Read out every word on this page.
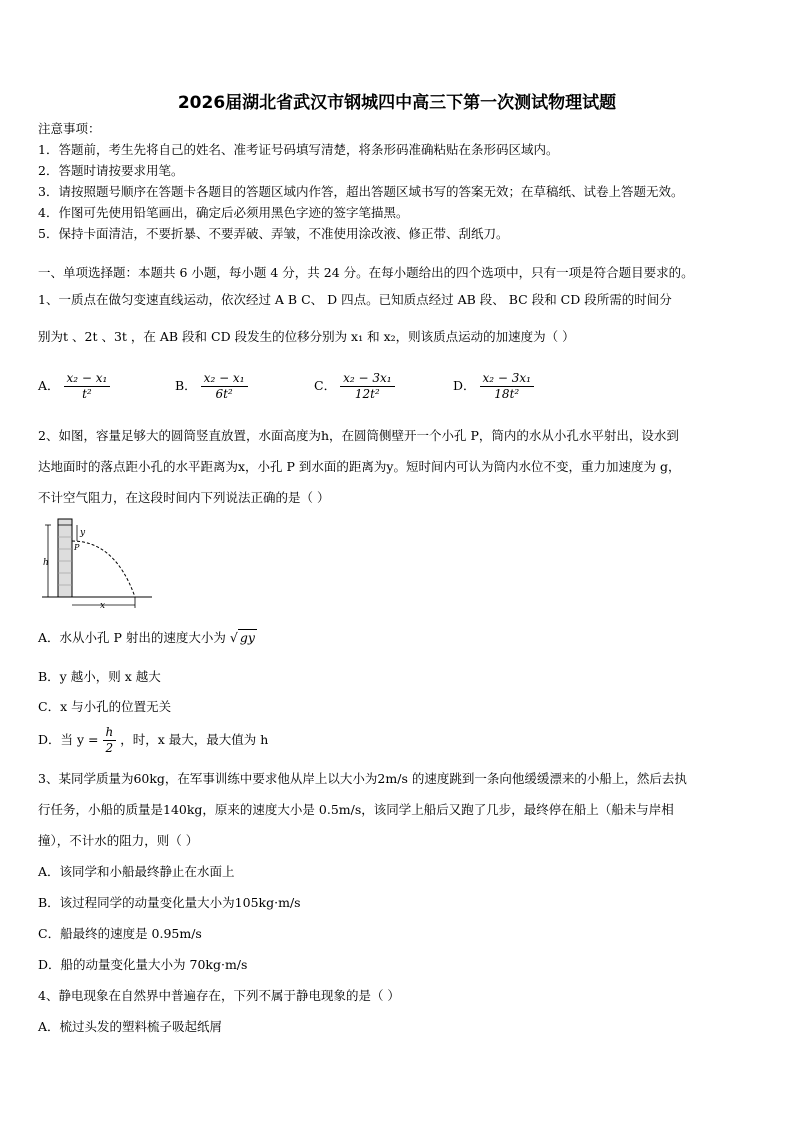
2026届湖北省武汉市钢城四中高三下第一次测试物理试题
注意事项：
1．答题前，考生先将自己的姓名、准考证号码填写清楚，将条形码准确粘贴在条形码区域内。
2．答题时请按要求用笔。
3．请按照题号顺序在答题卡各题目的答题区域内作答，超出答题区域书写的答案无效；在草稿纸、试卷上答题无效。
4．作图可先使用铅笔画出，确定后必须用黑色字迹的签字笔描黑。
5．保持卡面清洁，不要折暴、不要弄破、弄皱，不准使用涂改液、修正带、刮纸刀。
一、单项选择题：本题共 6 小题，每小题 4 分，共 24 分。在每小题给出的四个选项中，只有一项是符合题目要求的。
1、一质点在做匀变速直线运动，依次经过 A B C、 D 四点。已知质点经过 AB 段、 BC 段和 CD 段所需的时间分
别为t 、2t 、3t ，在 AB 段和 CD 段发生的位移分别为 x₁ 和 x₂，则该质点运动的加速度为（ ）
A． $\frac{\text{x₂ − x₁}}{\text{t²}}$	B． $\frac{\text{x₂ − x₁}}{\text{6t²}}$	C． $\frac{\text{x₂ − 3x₁}}{\text{12t²}}$	D． $\frac{\text{x₂ − 3x₁}}{\text{18t²}}$
2、如图，容量足够大的圆筒竖直放置，水面高度为h，在圆筒侧壁开一个小孔 P，筒内的水从小孔水平射出，设水到
达地面时的落点距小孔的水平距离为x，小孔 P 到水面的距离为y。短时间内可认为筒内水位不变，重力加速度为 g，
不计空气阻力，在这段时间内下列说法正确的是（ ）
h
y
P
x
A．水从小孔 P 射出的速度大小为 √ gy
B．y 越小，则 x 越大
C．x 与小孔的位置无关
D．当 $y = \frac{h}{2}$ ，时，x 最大，最大值为 h
3、某同学质量为60kg，在军事训练中要求他从岸上以大小为2m/s 的速度跳到一条向他缓缓漂来的小船上，然后去执
行任务，小船的质量是140kg，原来的速度大小是 0.5m/s，该同学上船后又跑了几步，最终停在船上（船未与岸相
撞），不计水的阻力，则（ ）
A．该同学和小船最终静止在水面上
B．该过程同学的动量变化量大小为105kg·m/s
C．船最终的速度是 0.95m/s
D．船的动量变化量大小为 70kg·m/s
4、静电现象在自然界中普遍存在，下列不属于静电现象的是（ ）
A．梳过头发的塑料梳子吸起纸屑
